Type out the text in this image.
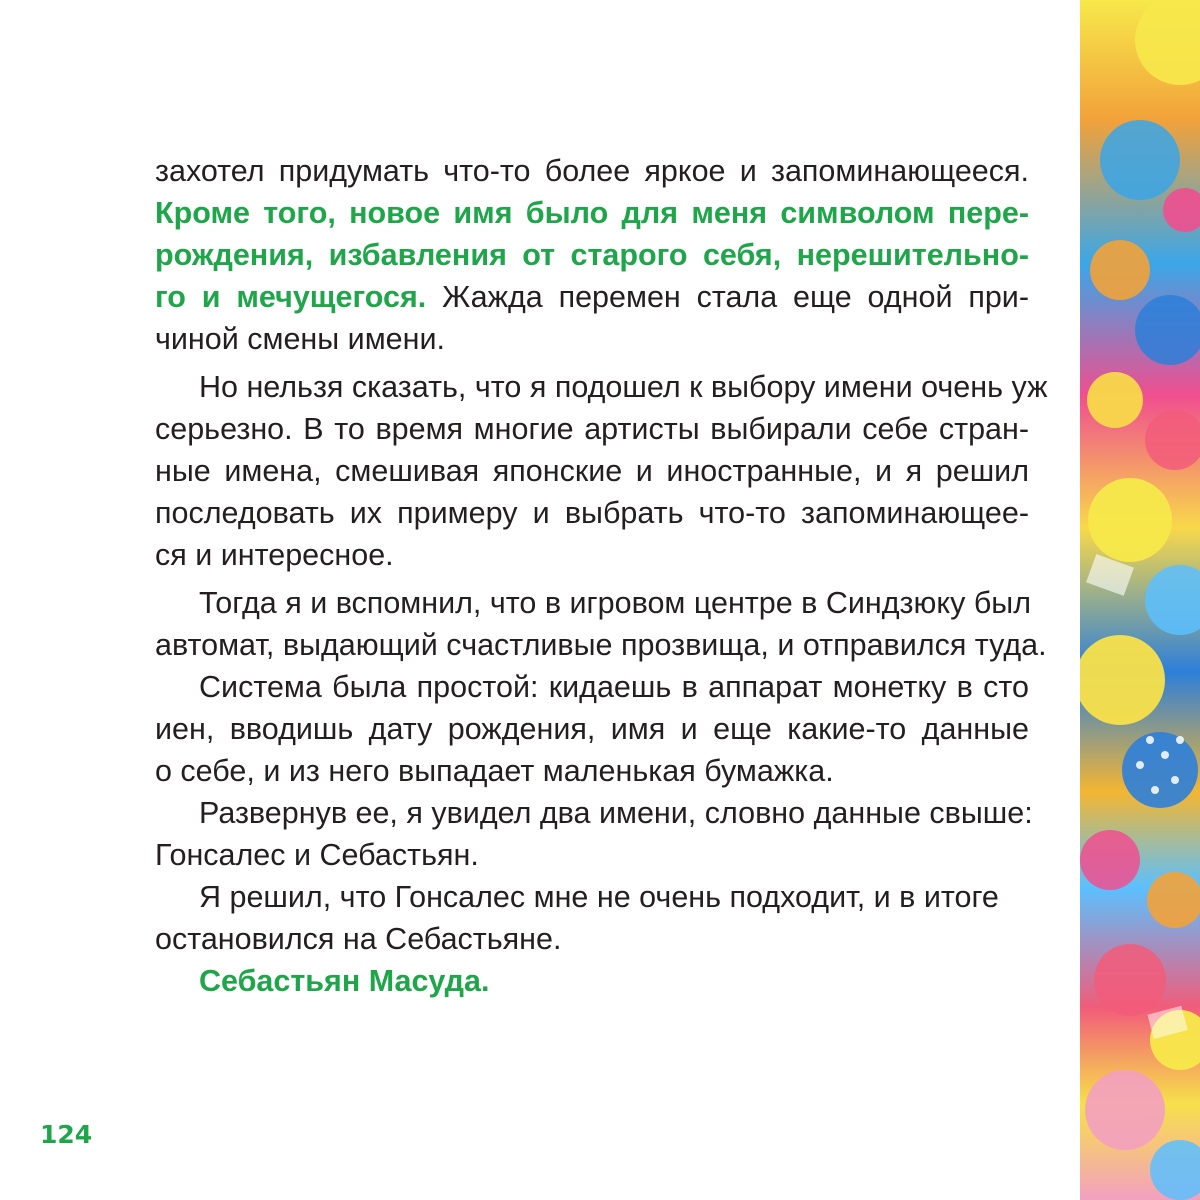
захотел придумать что-то более яркое и запоминающееся.
Кроме того, новое имя было для меня символом пере-
рождения, избавления от старого себя, нерешительно-
го и мечущегося. Жажда перемен стала еще одной при-
чиной смены имени.
Но нельзя сказать, что я подошел к выбору имени очень уж
серьезно. В то время многие артисты выбирали себе стран-
ные имена, смешивая японские и иностранные, и я решил
последовать их примеру и выбрать что-то запоминающее-
ся и интересное.
Тогда я и вспомнил, что в игровом центре в Синдзюку был
автомат, выдающий счастливые прозвища, и отправился туда.
Система была простой: кидаешь в аппарат монетку в сто
иен, вводишь дату рождения, имя и еще какие-то данные
о себе, и из него выпадает маленькая бумажка.
Развернув ее, я увидел два имени, словно данные свыше:
Гонсалес и Себастьян.
Я решил, что Гонсалес мне не очень подходит, и в итоге
остановился на Себастьяне.
Себастьян Масуда.
124
